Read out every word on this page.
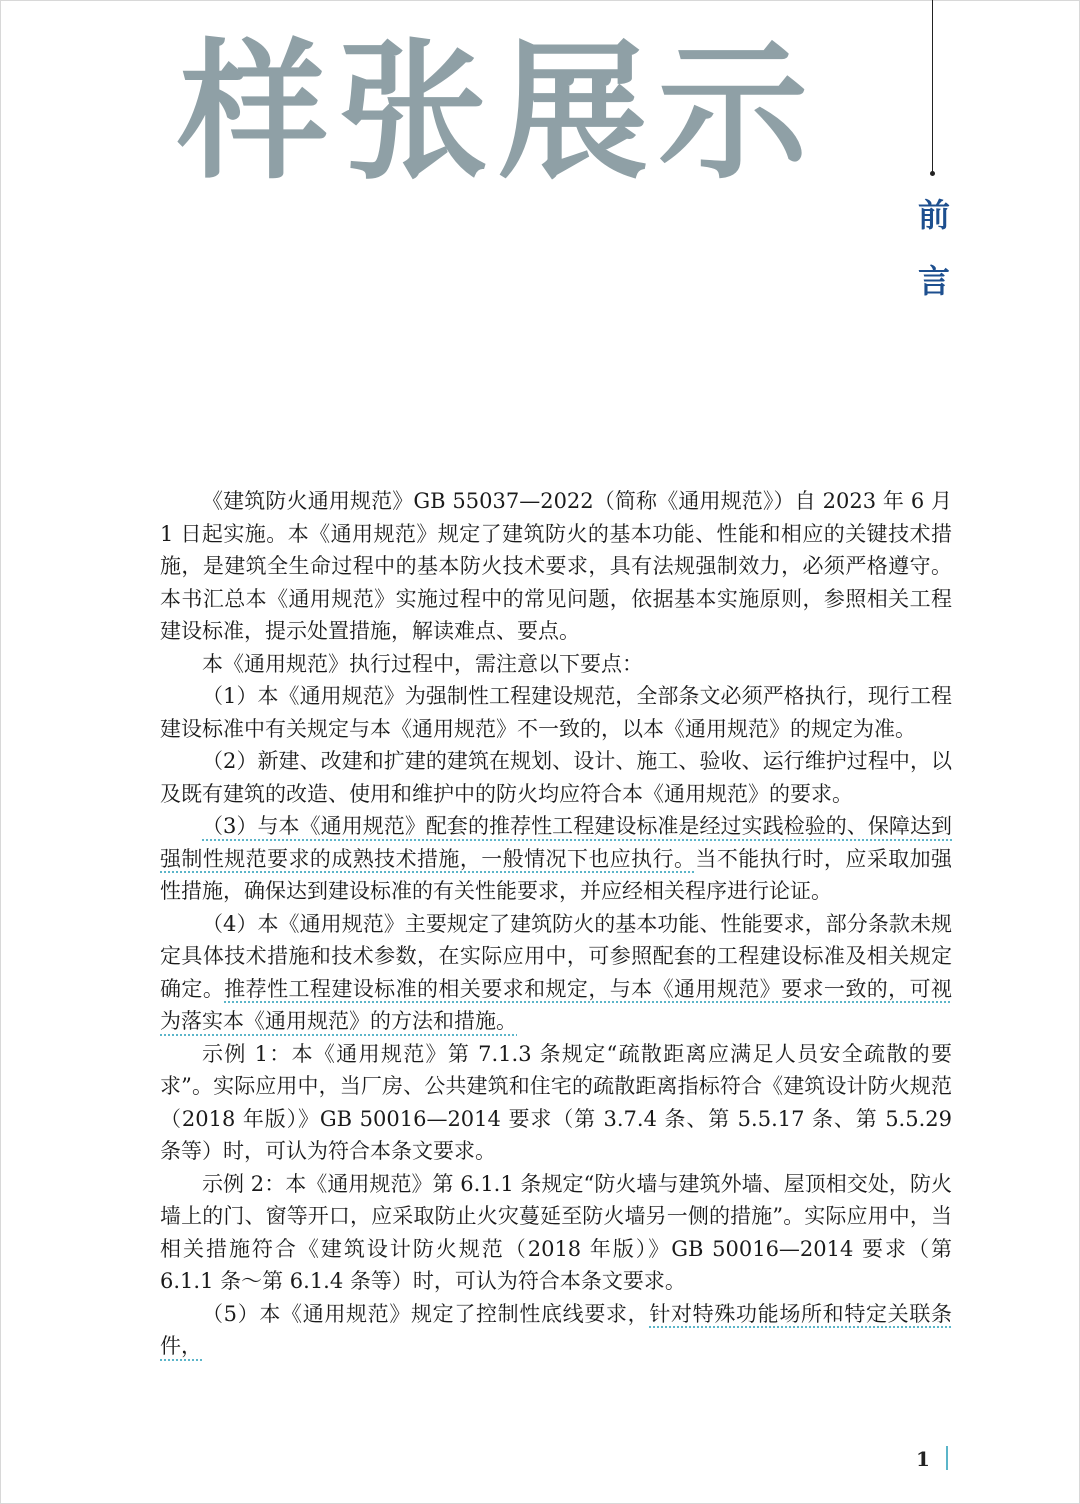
样张展示
前言

《建筑防火通用规范》GB 55037—2022（简称《通用规范》）自 2023 年 6 月 1 日起实施。本《通用规范》规定了建筑防火的基本功能、性能和相应的关键技术措施，是建筑全生命过程中的基本防火技术要求，具有法规强制效力，必须严格遵守。本书汇总本《通用规范》实施过程中的常见问题，依据基本实施原则，参照相关工程建设标准，提示处置措施，解读难点、要点。

本《通用规范》执行过程中，需注意以下要点：

（1）本《通用规范》为强制性工程建设规范，全部条文必须严格执行，现行工程建设标准中有关规定与本《通用规范》不一致的，以本《通用规范》的规定为准。

（2）新建、改建和扩建的建筑在规划、设计、施工、验收、运行维护过程中，以及既有建筑的改造、使用和维护中的防火均应符合本《通用规范》的要求。

（3）与本《通用规范》配套的推荐性工程建设标准是经过实践检验的、保障达到强制性规范要求的成熟技术措施，一般情况下也应执行。当不能执行时，应采取加强性措施，确保达到建设标准的有关性能要求，并应经相关程序进行论证。

（4）本《通用规范》主要规定了建筑防火的基本功能、性能要求，部分条款未规定具体技术措施和技术参数，在实际应用中，可参照配套的工程建设标准及相关规定确定。推荐性工程建设标准的相关要求和规定，与本《通用规范》要求一致的，可视为落实本《通用规范》的方法和措施。

示例 1：本《通用规范》第 7.1.3 条规定“疏散距离应满足人员安全疏散的要求”。实际应用中，当厂房、公共建筑和住宅的疏散距离指标符合《建筑设计防火规范（2018 年版）》GB 50016—2014 要求（第 3.7.4 条、第 5.5.17 条、第 5.5.29 条等）时，可认为符合本条文要求。

示例 2：本《通用规范》第 6.1.1 条规定“防火墙与建筑外墙、屋顶相交处，防火墙上的门、窗等开口，应采取防止火灾蔓延至防火墙另一侧的措施”。实际应用中，当相关措施符合《建筑设计防火规范（2018 年版）》GB 50016—2014 要求（第 6.1.1 条～第 6.1.4 条等）时，可认为符合本条文要求。

（5）本《通用规范》规定了控制性底线要求，针对特殊功能场所和特定关联条件，

1
